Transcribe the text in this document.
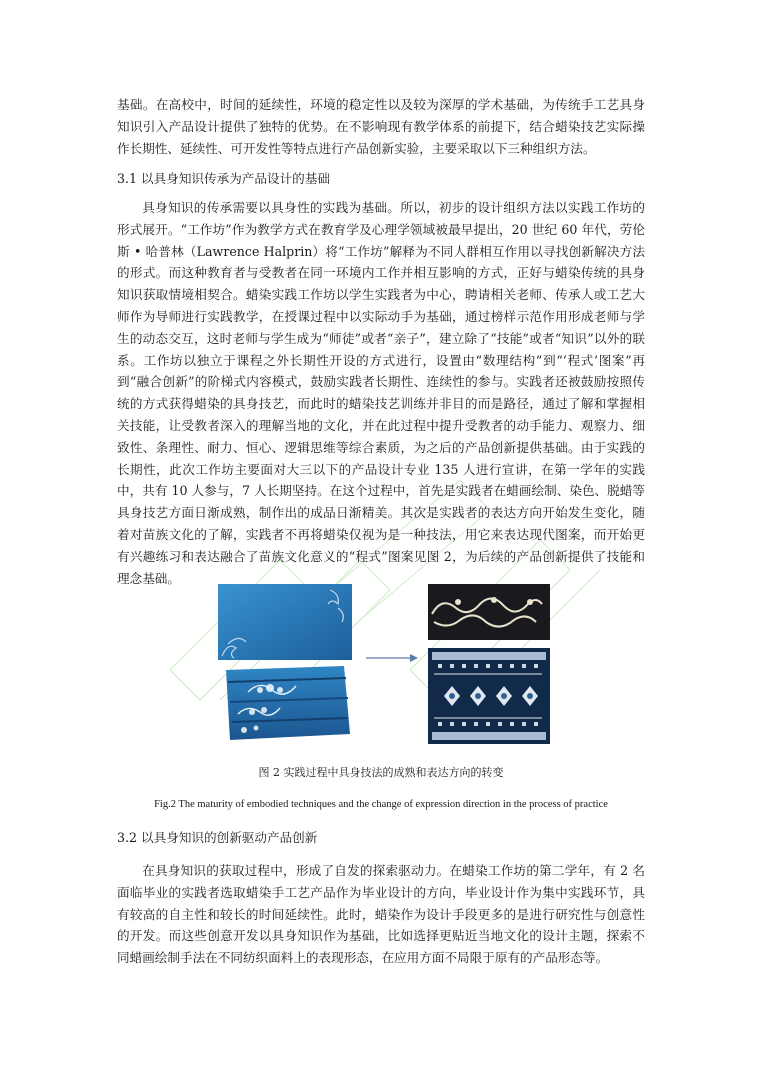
基础。在高校中，时间的延续性，环境的稳定性以及较为深厚的学术基础，为传统手工艺具身知识引入产品设计提供了独特的优势。在不影响现有教学体系的前提下，结合蜡染技艺实际操作长期性、延续性、可开发性等特点进行产品创新实验，主要采取以下三种组织方法。

3.1 以具身知识传承为产品设计的基础

具身知识的传承需要以具身性的实践为基础。所以，初步的设计组织方法以实践工作坊的形式展开。“工作坊”作为教学方式在教育学及心理学领域被最早提出，20 世纪 60 年代，劳伦斯 • 哈普林（Lawrence Halprin）将“工作坊”解释为不同人群相互作用以寻找创新解决方法的形式。而这种教育者与受教者在同一环境内工作并相互影响的方式，正好与蜡染传统的具身知识获取情境相契合。蜡染实践工作坊以学生实践者为中心，聘请相关老师、传承人或工艺大师作为导师进行实践教学，在授课过程中以实际动手为基础，通过榜样示范作用形成老师与学生的动态交互，这时老师与学生成为“师徒”或者“亲子”，建立除了“技能”或者“知识”以外的联系。工作坊以独立于课程之外长期性开设的方式进行，设置由“数理结构”到“‘程式’图案”再到“融合创新”的阶梯式内容模式，鼓励实践者长期性、连续性的参与。实践者还被鼓励按照传统的方式获得蜡染的具身技艺，而此时的蜡染技艺训练并非目的而是路径，通过了解和掌握相关技能，让受教者深入的理解当地的文化，并在此过程中提升受教者的动手能力、观察力、细致性、条理性、耐力、恒心、逻辑思维等综合素质，为之后的产品创新提供基础。由于实践的长期性，此次工作坊主要面对大三以下的产品设计专业 135 人进行宣讲，在第一学年的实践中，共有 10 人参与，7 人长期坚持。在这个过程中，首先是实践者在蜡画绘制、染色、脱蜡等具身技艺方面日渐成熟，制作出的成品日渐精美。其次是实践者的表达方向开始发生变化，随着对苗族文化的了解，实践者不再将蜡染仅视为是一种技法，用它来表达现代图案，而开始更有兴趣练习和表达融合了苗族文化意义的“程式”图案见图 2，为后续的产品创新提供了技能和理念基础。

图 2 实践过程中具身技法的成熟和表达方向的转变
Fig.2 The maturity of embodied techniques and the change of expression direction in the process of practice

3.2 以具身知识的创新驱动产品创新

在具身知识的获取过程中，形成了自发的探索驱动力。在蜡染工作坊的第二学年，有 2 名面临毕业的实践者选取蜡染手工艺产品作为毕业设计的方向，毕业设计作为集中实践环节，具有较高的自主性和较长的时间延续性。此时，蜡染作为设计手段更多的是进行研究性与创意性的开发。而这些创意开发以具身知识作为基础，比如选择更贴近当地文化的设计主题，探索不同蜡画绘制手法在不同纺织面料上的表现形态，在应用方面不局限于原有的产品形态等。
